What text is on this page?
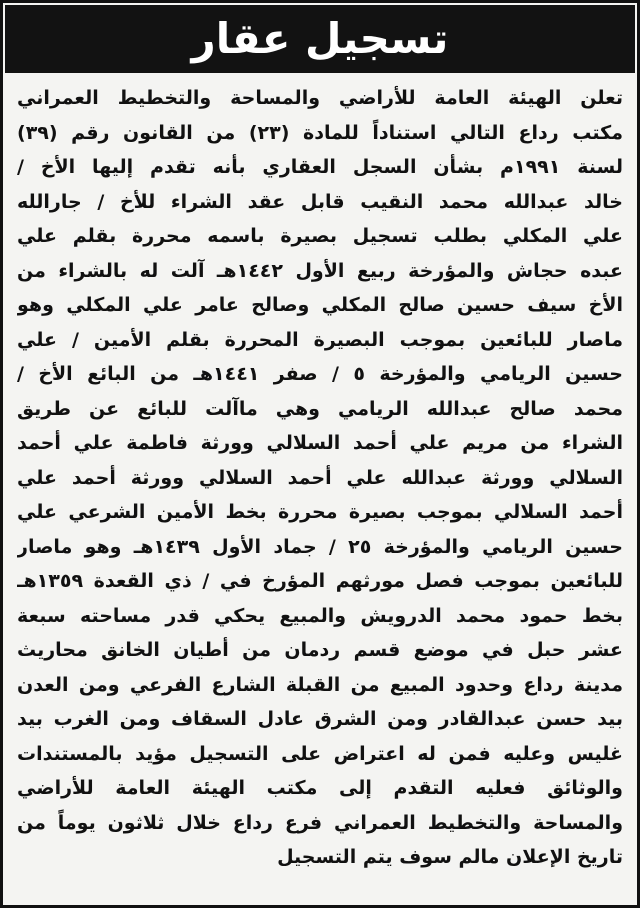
تسجيل عقار
تعلن الهيئة العامة للأراضي والمساحة والتخطيط العمراني
مكتب رداع التالي استناداً للمادة (٢٣) من القانون رقم (٣٩)
لسنة ١٩٩١م بشأن السجل العقاري بأنه تقدم إليها الأخ /
خالد عبدالله محمد النقيب قابل عقد الشراء للأخ / جارالله
علي المكلي بطلب تسجيل بصيرة باسمه محررة بقلم علي
عبده حجاش والمؤرخة ربيع الأول ١٤٤٢هـ آلت له بالشراء من
الأخ سيف حسين صالح المكلي وصالح عامر علي المكلي وهو
ماصار للبائعين بموجب البصيرة المحررة بقلم الأمين / علي
حسين الريامي والمؤرخة ٥ / صفر ١٤٤١هـ من البائع الأخ /
محمد صالح عبدالله الريامي وهي ماآلت للبائع عن طريق
الشراء من مريم علي أحمد السلالي وورثة فاطمة علي أحمد
السلالي وورثة عبدالله علي أحمد السلالي وورثة أحمد علي
أحمد السلالي بموجب بصيرة محررة بخط الأمين الشرعي علي
حسين الريامي والمؤرخة ٢٥ / جماد الأول ١٤٣٩هـ وهو ماصار
للبائعين بموجب فصل مورثهم المؤرخ في / ذي القعدة ١٣٥٩هـ
بخط حمود محمد الدرويش والمبيع يحكي قدر مساحته سبعة
عشر حبل في موضع قسم ردمان من أطيان الخانق محاريث
مدينة رداع وحدود المبيع من القبلة الشارع الفرعي ومن العدن
بيد حسن عبدالقادر ومن الشرق عادل السقاف ومن الغرب بيد
غليس وعليه فمن له اعتراض على التسجيل مؤيد بالمستندات
والوثائق فعليه التقدم إلى مكتب الهيئة العامة للأراضي
والمساحة والتخطيط العمراني فرع رداع خلال ثلاثون يوماً من
تاريخ الإعلان مالم سوف يتم التسجيل
